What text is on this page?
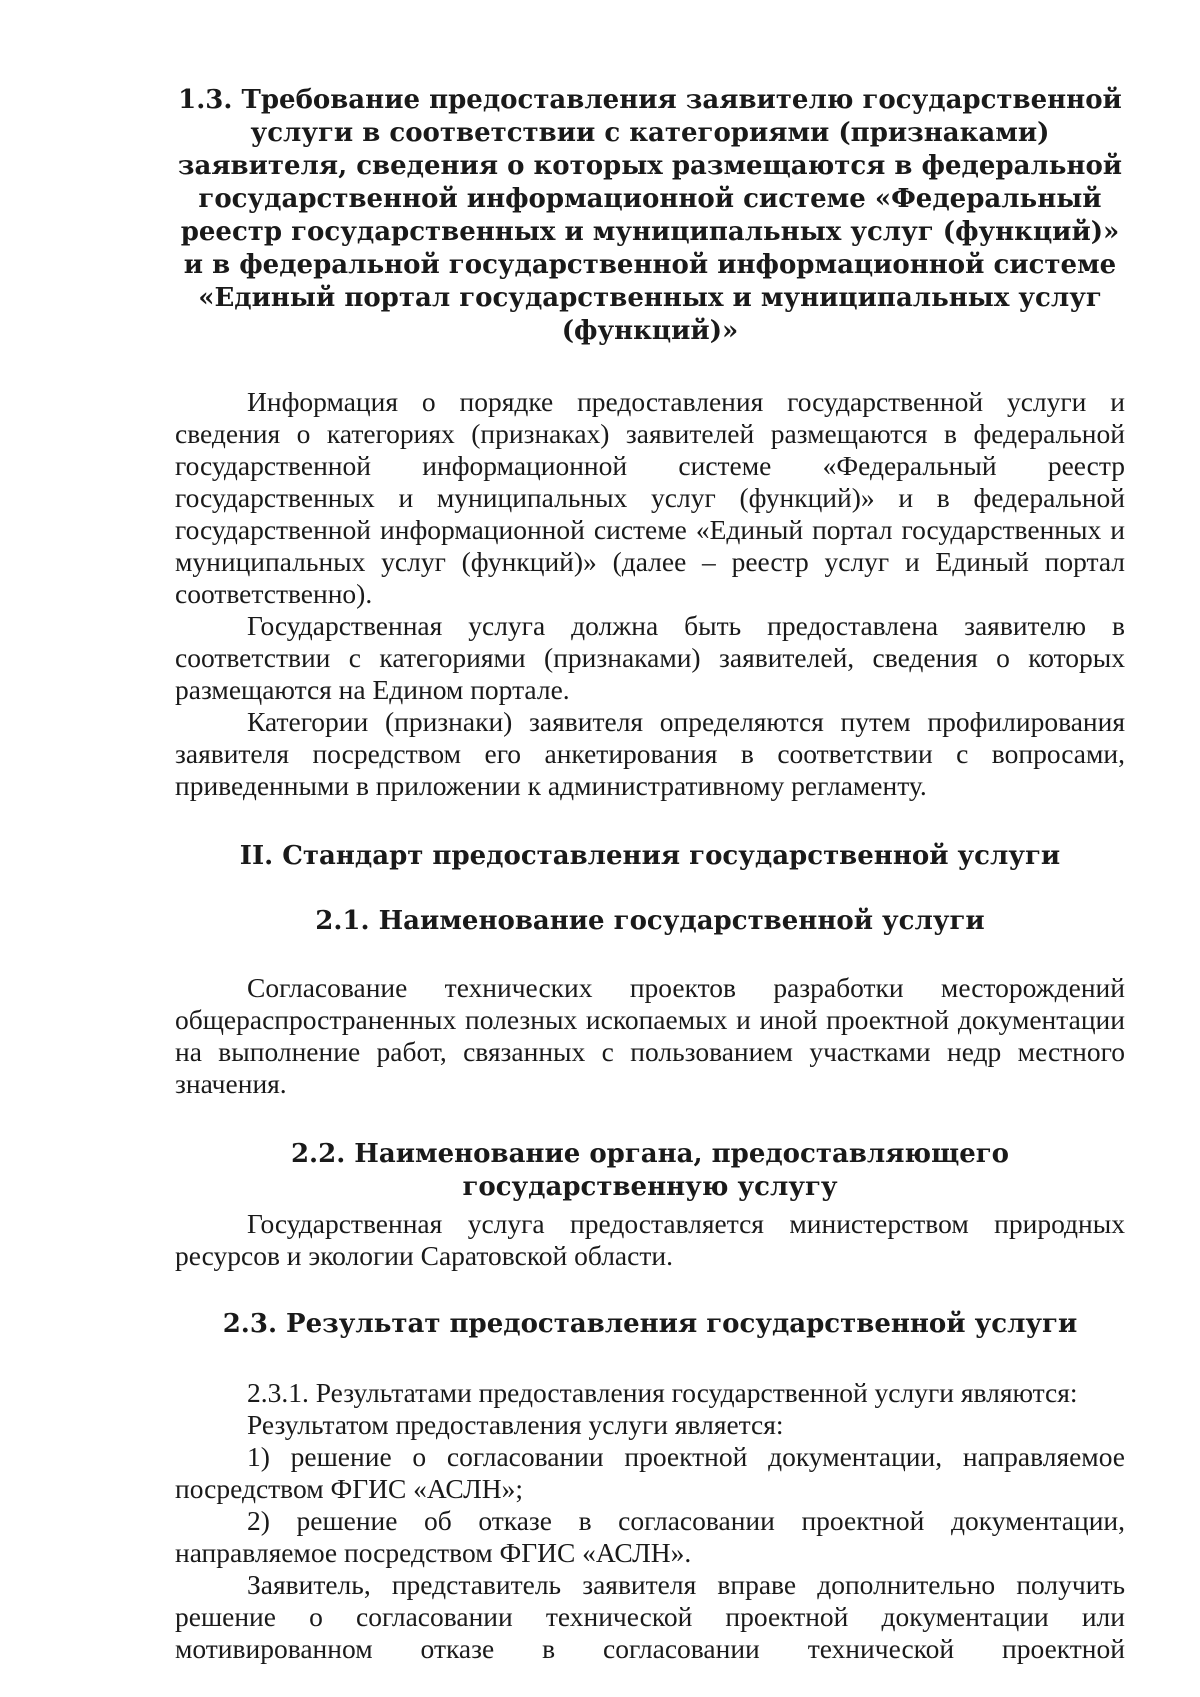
1.3. Требование предоставления заявителю государственной услуги в соответствии с категориями (признаками) заявителя, сведения о которых размещаются в федеральной государственной информационной системе «Федеральный реестр государственных и муниципальных услуг (функций)» и в федеральной государственной информационной системе «Единый портал государственных и муниципальных услуг (функций)»

Информация о порядке предоставления государственной услуги и сведения о категориях (признаках) заявителей размещаются в федеральной государственной информационной системе «Федеральный реестр государственных и муниципальных услуг (функций)» и в федеральной государственной информационной системе «Единый портал государственных и муниципальных услуг (функций)» (далее – реестр услуг и Единый портал соответственно).

Государственная услуга должна быть предоставлена заявителю в соответствии с категориями (признаками) заявителей, сведения о которых размещаются на Едином портале.

Категории (признаки) заявителя определяются путем профилирования заявителя посредством его анкетирования в соответствии с вопросами, приведенными в приложении к административному регламенту.

II. Стандарт предоставления государственной услуги
2.1. Наименование государственной услуги

Согласование технических проектов разработки месторождений общераспространенных полезных ископаемых и иной проектной документации на выполнение работ, связанных с пользованием участками недр местного значения.

2.2. Наименование органа, предоставляющего государственную услугу

Государственная услуга предоставляется министерством природных ресурсов и экологии Саратовской области.

2.3. Результат предоставления государственной услуги

2.3.1. Результатами предоставления государственной услуги являются:

Результатом предоставления услуги является:

1) решение о согласовании проектной документации, направляемое посредством ФГИС «АСЛН»;

2) решение об отказе в согласовании проектной документации, направляемое посредством ФГИС «АСЛН».

Заявитель, представитель заявителя вправе дополнительно получить решение о согласовании технической проектной документации или мотивированном отказе в согласовании технической проектной
